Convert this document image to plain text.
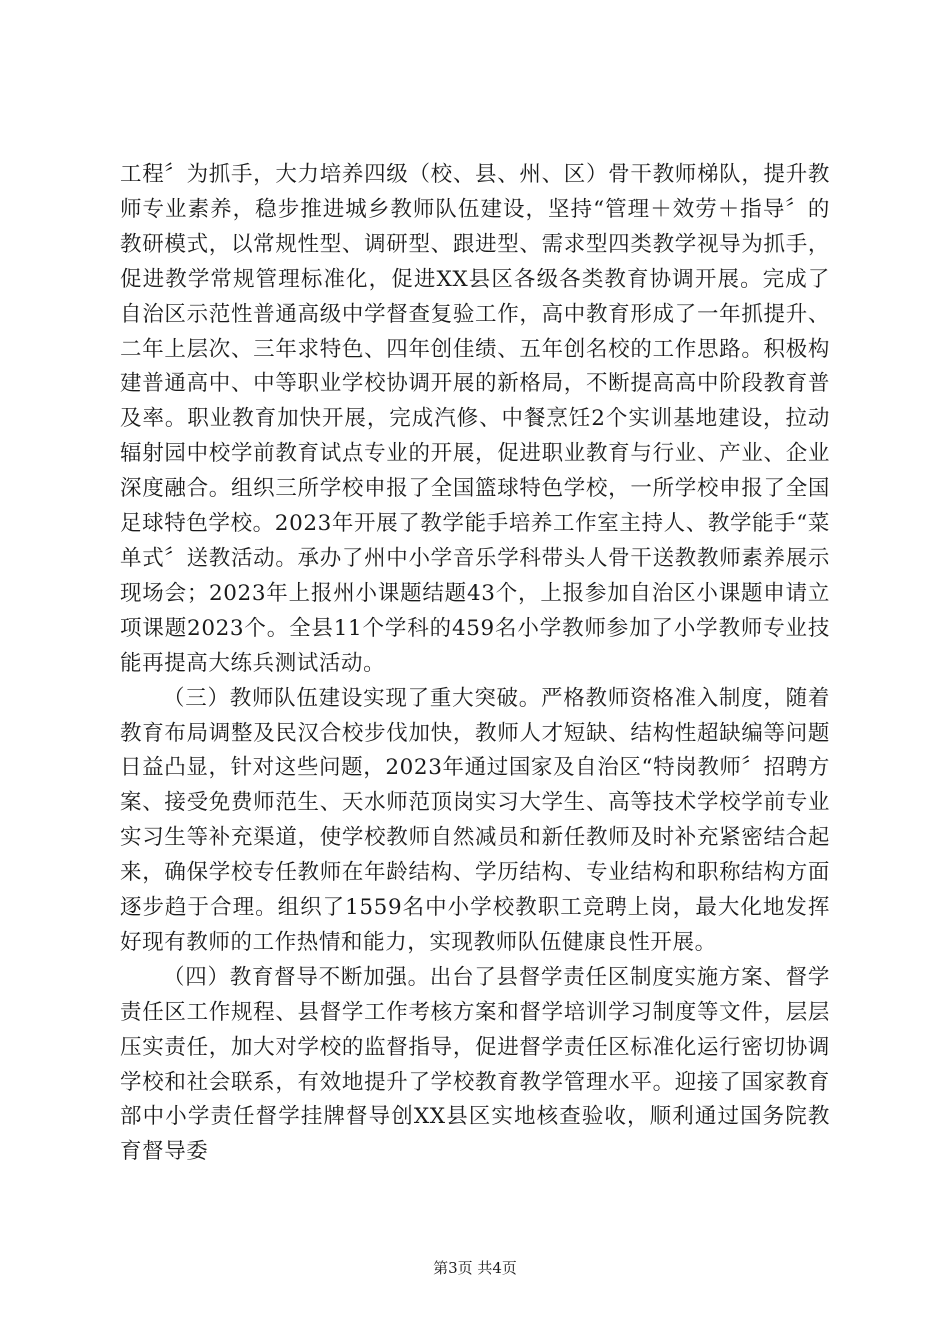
工程〞为抓手，大力培养四级（校、县、州、区）骨干教师梯队，提升教师专业素养，稳步推进城乡教师队伍建设，坚持“管理＋效劳＋指导〞的教研模式，以常规性型、调研型、跟进型、需求型四类教学视导为抓手，促进教学常规管理标准化，促进XX县区各级各类教育协调开展。完成了自治区示范性普通高级中学督查复验工作，高中教育形成了一年抓提升、二年上层次、三年求特色、四年创佳绩、五年创名校的工作思路。积极构建普通高中、中等职业学校协调开展的新格局，不断提高高中阶段教育普及率。职业教育加快开展，完成汽修、中餐烹饪2个实训基地建设，拉动辐射园中校学前教育试点专业的开展，促进职业教育与行业、产业、企业深度融合。组织三所学校申报了全国篮球特色学校，一所学校申报了全国足球特色学校。2023年开展了教学能手培养工作室主持人、教学能手“菜单式〞送教活动。承办了州中小学音乐学科带头人骨干送教教师素养展示现场会；2023年上报州小课题结题43个，上报参加自治区小课题申请立项课题2023个。全县11个学科的459名小学教师参加了小学教师专业技能再提高大练兵测试活动。

（三）教师队伍建设实现了重大突破。严格教师资格准入制度，随着教育布局调整及民汉合校步伐加快，教师人才短缺、结构性超缺编等问题日益凸显，针对这些问题，2023年通过国家及自治区“特岗教师〞招聘方案、接受免费师范生、天水师范顶岗实习大学生、高等技术学校学前专业实习生等补充渠道，使学校教师自然减员和新任教师及时补充紧密结合起来，确保学校专任教师在年龄结构、学历结构、专业结构和职称结构方面逐步趋于合理。组织了1559名中小学校教职工竞聘上岗，最大化地发挥好现有教师的工作热情和能力，实现教师队伍健康良性开展。

（四）教育督导不断加强。出台了县督学责任区制度实施方案、督学责任区工作规程、县督学工作考核方案和督学培训学习制度等文件，层层压实责任，加大对学校的监督指导，促进督学责任区标准化运行密切协调学校和社会联系，有效地提升了学校教育教学管理水平。迎接了国家教育部中小学责任督学挂牌督导创XX县区实地核查验收，顺利通过国务院教育督导委

第3页 共4页
